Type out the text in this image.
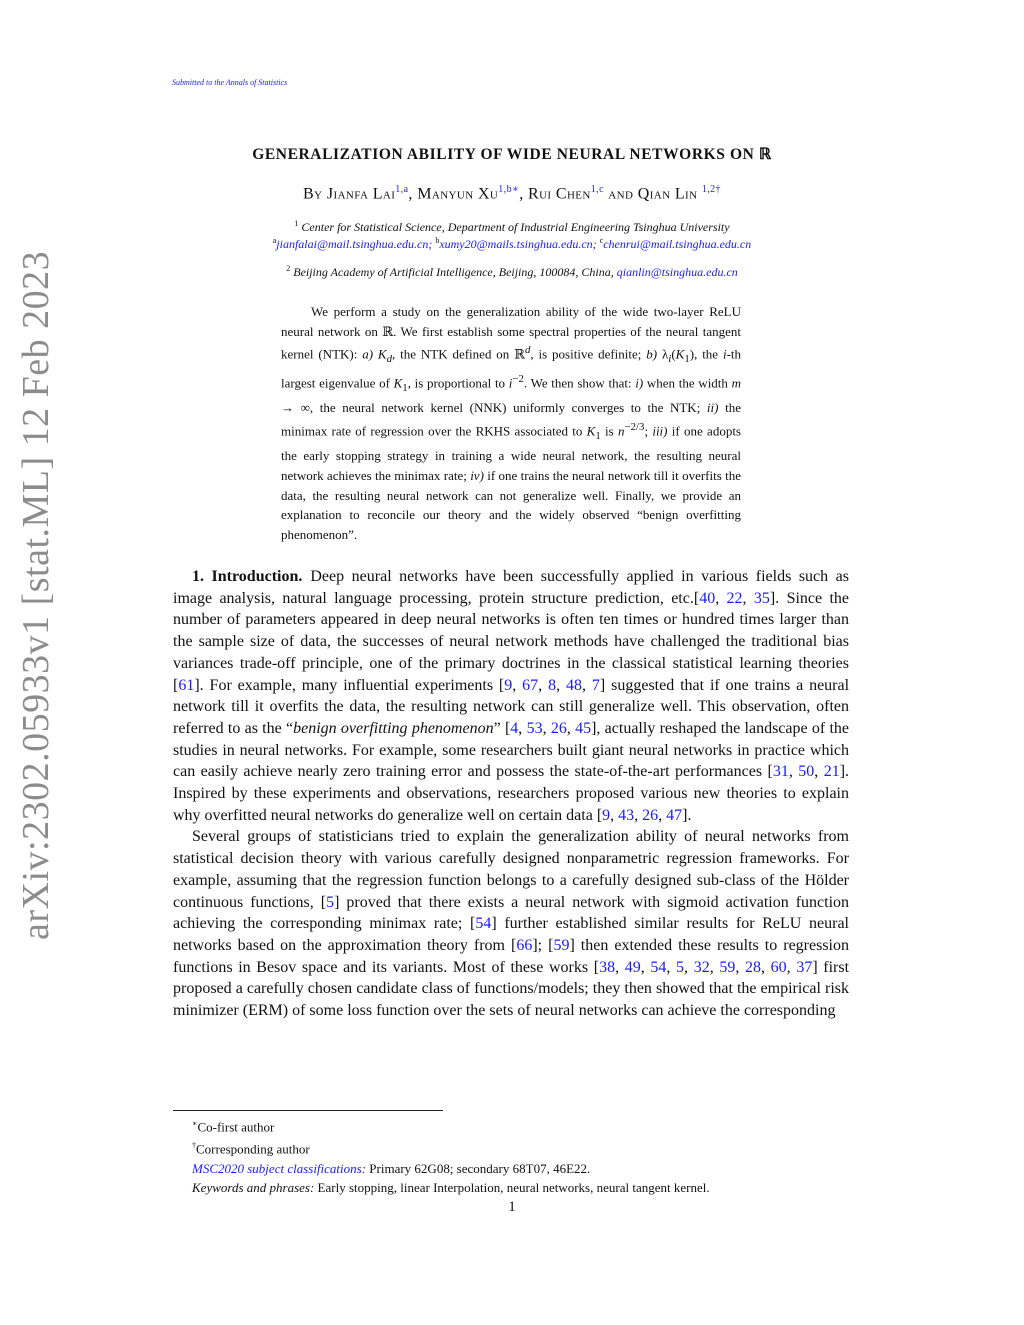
Submitted to the Annals of Statistics
arXiv:2302.05933v1 [stat.ML] 12 Feb 2023
GENERALIZATION ABILITY OF WIDE NEURAL NETWORKS ON ℝ
By Jianfa Lai$^{1,a}$, Manyun $Xu^{1,b∗}$, Rui Chen$^{1,c}$ and Qian Lin $^{1,2\dagger}$
$^1$ Center for Statistical Science, Department of Industrial Engineering Tsinghua University
$^a$jianfalai@mail.tsinghua.edu.cn; $^b$xumy20@mails.tsinghua.edu.cn; $^c$chenrui@mail.tsinghua.edu.cn
$^2$ Beijing Academy of Artificial Intelligence, Beijing, 100084, China, qianlin@tsinghua.edu.cn
We perform a study on the generalization ability of the wide two-layer ReLU neural network on ℝ. We first establish some spectral properties of the neural tangent kernel (NTK): a) $K_d$, the NTK defined on ℝ$^d$, is positive definite; b) $\lambda_i(K_1)$, the i-th largest eigenvalue of $K_1$, is proportional to $i^{-2}$. We then show that: i) when the width m → ∞, the neural network kernel (NNK) uniformly converges to the NTK; ii) the minimax rate of regression over the RKHS associated to $K_1$ is $n^{-2/3}$; iii) if one adopts the early stopping strategy in training a wide neural network, the resulting neural network achieves the minimax rate; iv) if one trains the neural network till it overfits the data, the resulting neural network can not generalize well. Finally, we provide an explanation to reconcile our theory and the widely observed “benign overfitting phenomenon”.

1. Introduction. Deep neural networks have been successfully applied in various fields such as image analysis, natural language processing, protein structure prediction, etc.[40, 22, 35]. Since the number of parameters appeared in deep neural networks is often ten times or hundred times larger than the sample size of data, the successes of neural network methods have challenged the traditional bias variances trade-off principle, one of the primary doctrines in the classical statistical learning theories [61]. For example, many influential experiments [9, 67, 8, 48, 7] suggested that if one trains a neural network till it overfits the data, the resulting network can still generalize well. This observation, often referred to as the “benign overfitting phenomenon” [4, 53, 26, 45], actually reshaped the landscape of the studies in neural networks. For example, some researchers built giant neural networks in practice which can easily achieve nearly zero training error and possess the state-of-the-art performances [31, 50, 21]. Inspired by these experiments and observations, researchers proposed various new theories to explain why overfitted neural networks do generalize well on certain data [9, 43, 26, 47].

Several groups of statisticians tried to explain the generalization ability of neural networks from statistical decision theory with various carefully designed nonparametric regression frameworks. For example, assuming that the regression function belongs to a carefully designed sub-class of the Hölder continuous functions, [5] proved that there exists a neural network with sigmoid activation function achieving the corresponding minimax rate; [54] further established similar results for ReLU neural networks based on the approximation theory from [66]; [59] then extended these results to regression functions in Besov space and its variants. Most of these works [38, 49, 54, 5, 32, 59, 28, 60, 37] first proposed a carefully chosen candidate class of functions/models; they then showed that the empirical risk minimizer (ERM) of some loss function over the sets of neural networks can achieve the corresponding

∗Co-first author
†Corresponding author
MSC2020 subject classifications: Primary 62G08; secondary 68T07, 46E22.
Keywords and phrases: Early stopping, linear Interpolation, neural networks, neural tangent kernel.
1
